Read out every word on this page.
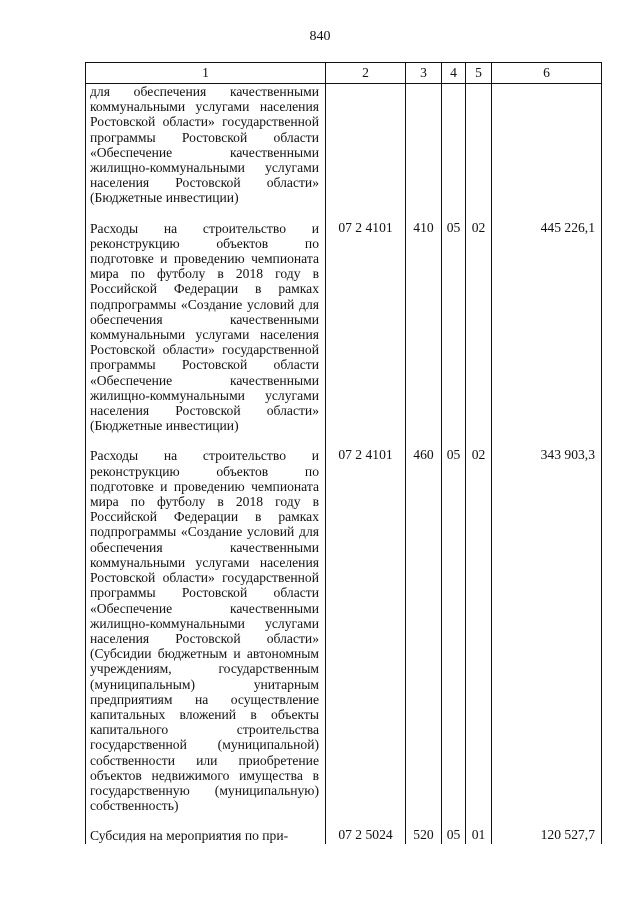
840
1	2	3	4	5	6
для обеспечения качественными коммунальными услугами населения Ростовской области» государственной программы Ростовской области «Обеспечение качественными жилищно-коммунальными услугами населения Ростовской области» (Бюджетные инвестиции)					

Расходы на строительство и реконструкцию объектов по подготовке и проведению чемпионата мира по футболу в 2018 году в Российской Федерации в рамках подпрограммы «Создание условий для обеспечения качественными коммунальными услугами населения Ростовской области» государственной программы Ростовской области «Обеспечение качественными жилищно-коммунальными услугами населения Ростовской области» (Бюджетные инвестиции)	07 2 4101	410	05	02	445 226,1

Расходы на строительство и реконструкцию объектов по подготовке и проведению чемпионата мира по футболу в 2018 году в Российской Федерации в рамках подпрограммы «Создание условий для обеспечения качественными коммунальными услугами населения Ростовской области» государственной программы Ростовской области «Обеспечение качественными жилищно-коммунальными услугами населения Ростовской области» (Субсидии бюджетным и автономным учреждениям, государственным (муниципальным) унитарным предприятиям на осуществление капитальных вложений в объекты капитального строительства государственной (муниципальной) собственности или приобретение объектов недвижимого имущества в государственную (муниципальную) собственность)	07 2 4101	460	05	02	343 903,3

Субсидия на мероприятия по при-	07 2 5024	520	05	01	120 527,7
